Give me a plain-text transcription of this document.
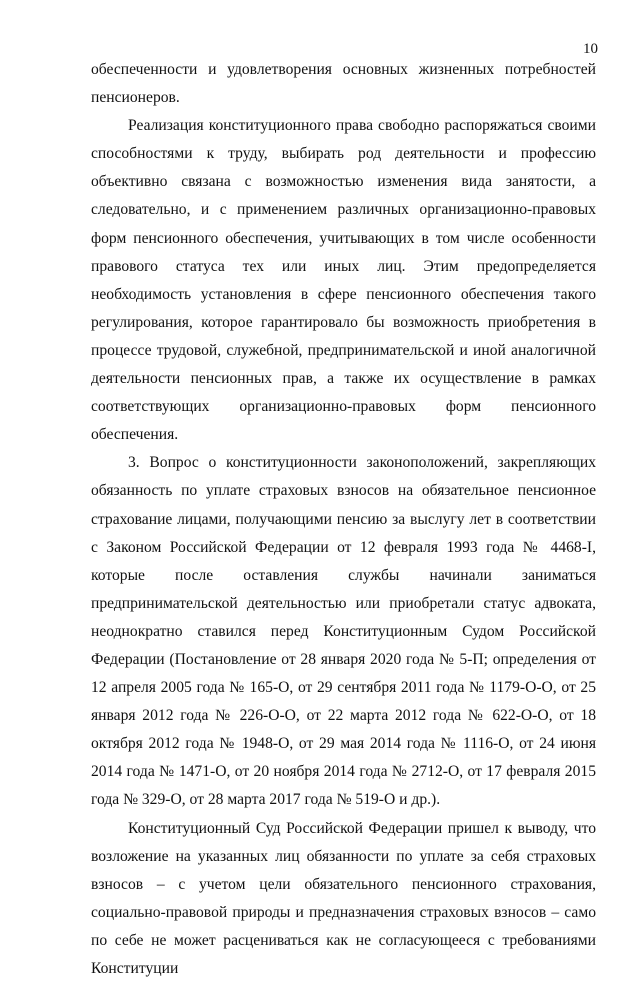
10

обеспеченности и удовлетворения основных жизненных потребностей пенсионеров.

Реализация конституционного права свободно распоряжаться своими способностями к труду, выбирать род деятельности и профессию объективно связана с возможностью изменения вида занятости, а следовательно, и с применением различных организационно-правовых форм пенсионного обеспечения, учитывающих в том числе особенности правового статуса тех или иных лиц. Этим предопределяется необходимость установления в сфере пенсионного обеспечения такого регулирования, которое гарантировало бы возможность приобретения в процессе трудовой, служебной, предпринимательской и иной аналогичной деятельности пенсионных прав, а также их осуществление в рамках соответствующих организационно-правовых форм пенсионного обеспечения.

3. Вопрос о конституционности законоположений, закрепляющих обязанность по уплате страховых взносов на обязательное пенсионное страхование лицами, получающими пенсию за выслугу лет в соответствии с Законом Российской Федерации от 12 февраля 1993 года № 4468-I, которые после оставления службы начинали заниматься предпринимательской деятельностью или приобретали статус адвоката, неоднократно ставился перед Конституционным Судом Российской Федерации (Постановление от 28 января 2020 года № 5-П; определения от 12 апреля 2005 года № 165-О, от 29 сентября 2011 года № 1179-О-О, от 25 января 2012 года № 226-О-О, от 22 марта 2012 года № 622-О-О, от 18 октября 2012 года № 1948-О, от 29 мая 2014 года № 1116-О, от 24 июня 2014 года № 1471-О, от 20 ноября 2014 года № 2712-О, от 17 февраля 2015 года № 329-О, от 28 марта 2017 года № 519-О и др.).

Конституционный Суд Российской Федерации пришел к выводу, что возложение на указанных лиц обязанности по уплате за себя страховых взносов – с учетом цели обязательного пенсионного страхования, социально-правовой природы и предназначения страховых взносов – само по себе не может расцениваться как не согласующееся с требованиями Конституции
